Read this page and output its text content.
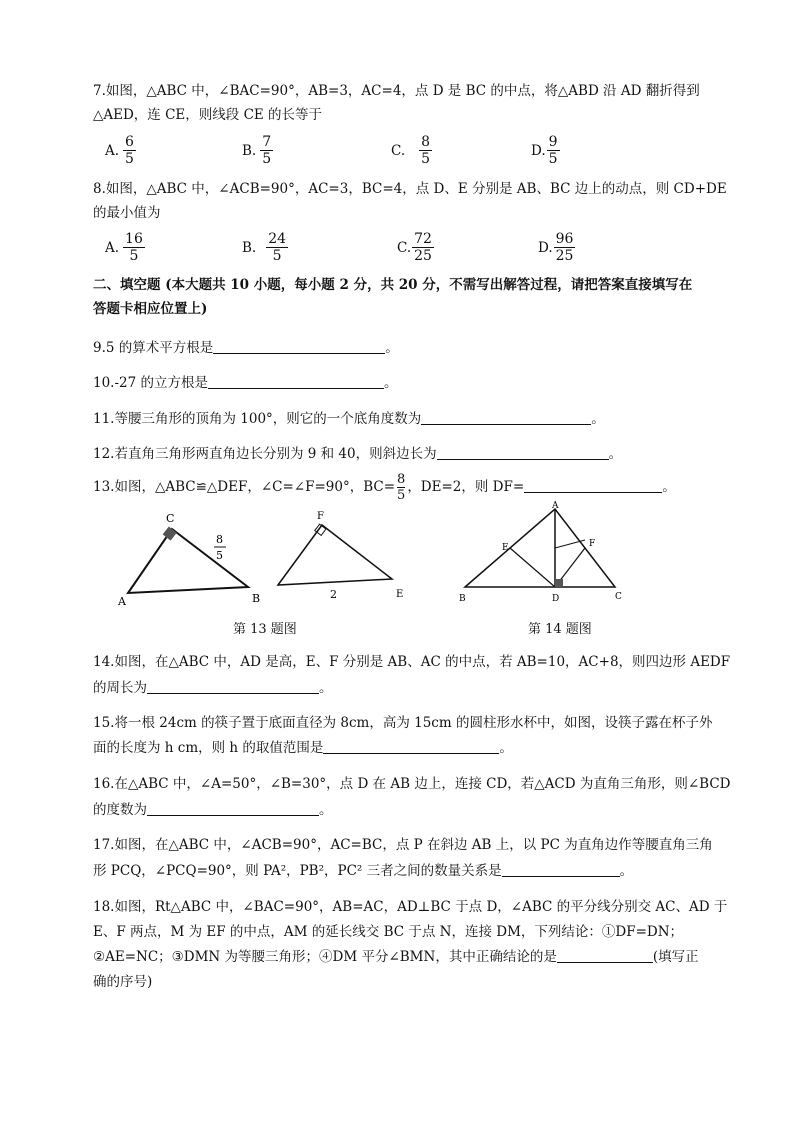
7.如图，△ABC 中，∠BAC=90°，AB=3，AC=4，点 D 是 BC 的中点，将△ABD 沿 AD 翻折得到
△AED，连 CE，则线段 CE 的长等于
A. $\frac{6}{5}$	B. $\frac{7}{5}$	C. $\frac{8}{5}$	D. $\frac{9}{5}$
8.如图，△ABC 中，∠ACB=90°，AC=3，BC=4，点 D、E 分别是 AB、BC 边上的动点，则 CD+DE
的最小值为
A. $\frac{16}{5}$	B. $\frac{24}{5}$	C. $\frac{72}{25}$	D. $\frac{96}{25}$
二、填空题 (本大题共 10 小题，每小题 2 分，共 20 分，不需写出解答过程，请把答案直接填写在
答题卡相应位置上)
9.5 的算术平方根是	。
10.-27 的立方根是	。
11.等腰三角形的顶角为 100°，则它的一个底角度数为	。
12.若直角三角形两直角边长分别为 9 和 40，则斜边长为	。
13.如图，△ABC≌△DEF，∠C=∠F=90°，$BC= \frac{8}{5}$ ，DE=2，则 DF=	。
A
C
B
8
5
F
E
2
A
E	F
B	D	C
第 13 题图	第 14 题图
14.如图，在△ABC 中，AD 是高，E、F 分别是 AB、AC 的中点，若 AB=10，AC+8，则四边形 AEDF
的周长为	。
15.将一根 24cm 的筷子置于底面直径为 8cm，高为 15cm 的圆柱形水杯中，如图，设筷子露在杯子外
面的长度为 h cm，则 h 的取值范围是	。
16.在△ABC 中，∠A=50°，∠B=30°，点 D 在 AB 边上，连接 CD，若△ACD 为直角三角形，则∠BCD
的度数为	。
17.如图，在△ABC 中，∠ACB=90°，AC=BC，点 P 在斜边 AB 上，以 PC 为直角边作等腰直角三角
形 PCQ，∠PCQ=90°，则 PA²，PB²，PC² 三者之间的数量关系是	。
18.如图，Rt△ABC 中，∠BAC=90°，AB=AC，AD⊥BC 于点 D，∠ABC 的平分线分别交 AC、AD 于
E、F 两点，M 为 EF 的中点，AM 的延长线交 BC 于点 N，连接 DM，下列结论：①DF=DN；
②AE=NC；③DMN 为等腰三角形；④DM 平分∠BMN，其中正确结论的是	(填写正
确的序号)
